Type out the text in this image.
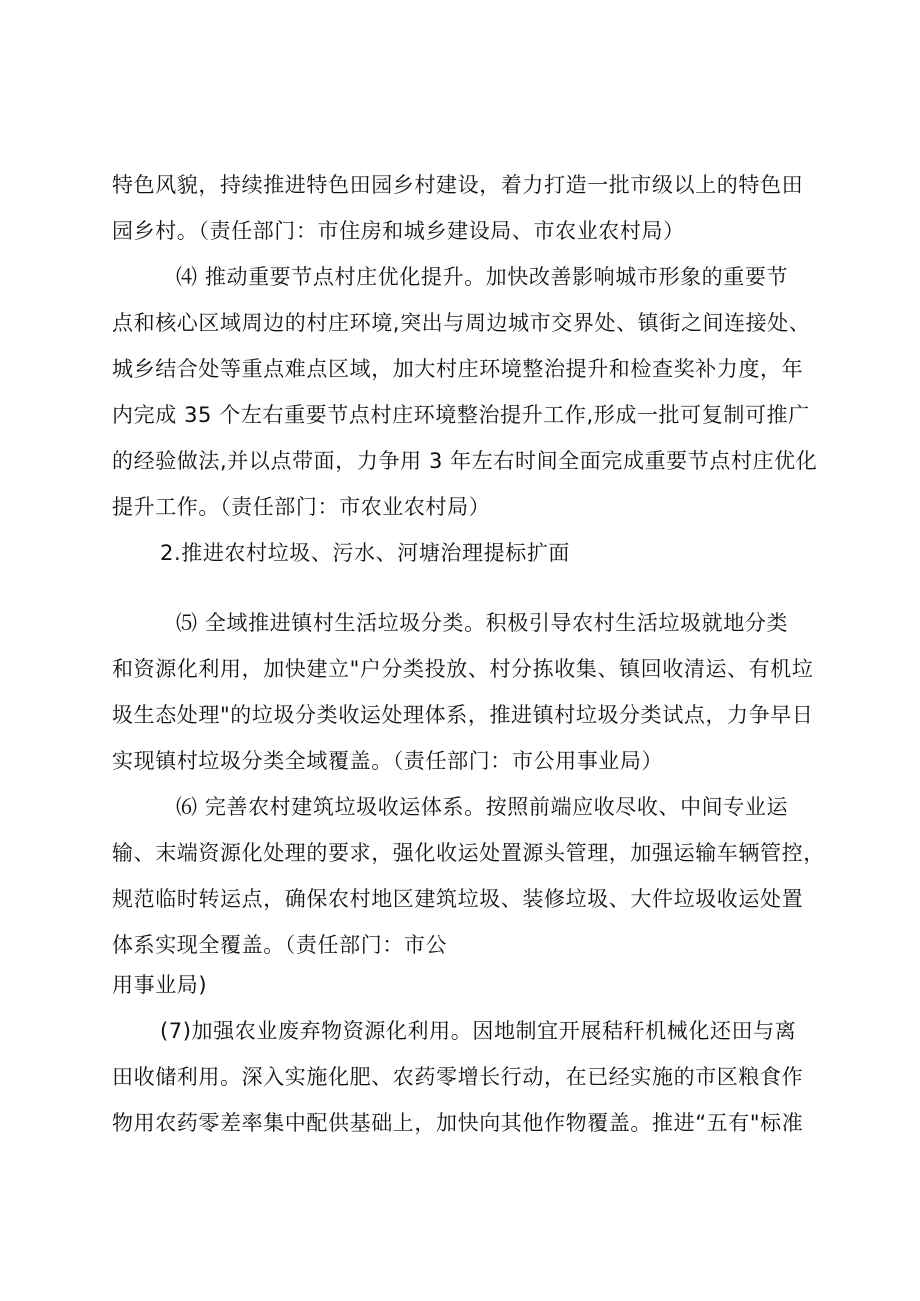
特色风貌，持续推进特色田园乡村建设，着力打造一批市级以上的特色田

园乡村。（责任部门：市住房和城乡建设局、市农业农村局）

⑷ 推动重要节点村庄优化提升。加快改善影响城市形象的重要节

点和核心区域周边的村庄环境,突出与周边城市交界处、镇街之间连接处、

城乡结合处等重点难点区域，加大村庄环境整治提升和检查奖补力度，年

内完成 35 个左右重要节点村庄环境整治提升工作,形成一批可复制可推广

的经验做法,并以点带面，力争用 3 年左右时间全面完成重要节点村庄优化

提升工作。（责任部门：市农业农村局）

2.推进农村垃圾、污水、河塘治理提标扩面

⑸ 全域推进镇村生活垃圾分类。积极引导农村生活垃圾就地分类

和资源化利用，加快建立"户分类投放、村分拣收集、镇回收清运、有机垃

圾生态处理"的垃圾分类收运处理体系，推进镇村垃圾分类试点，力争早日

实现镇村垃圾分类全域覆盖。（责任部门：市公用事业局）

⑹ 完善农村建筑垃圾收运体系。按照前端应收尽收、中间专业运

输、末端资源化处理的要求，强化收运处置源头管理，加强运输车辆管控，

规范临时转运点，确保农村地区建筑垃圾、装修垃圾、大件垃圾收运处置

体系实现全覆盖。（责任部门：市公

用事业局)

(7)加强农业废弃物资源化利用。因地制宜开展秸秆机械化还田与离

田收储利用。深入实施化肥、农药零增长行动，在已经实施的市区粮食作

物用农药零差率集中配供基础上，加快向其他作物覆盖。推进“五有"标准
